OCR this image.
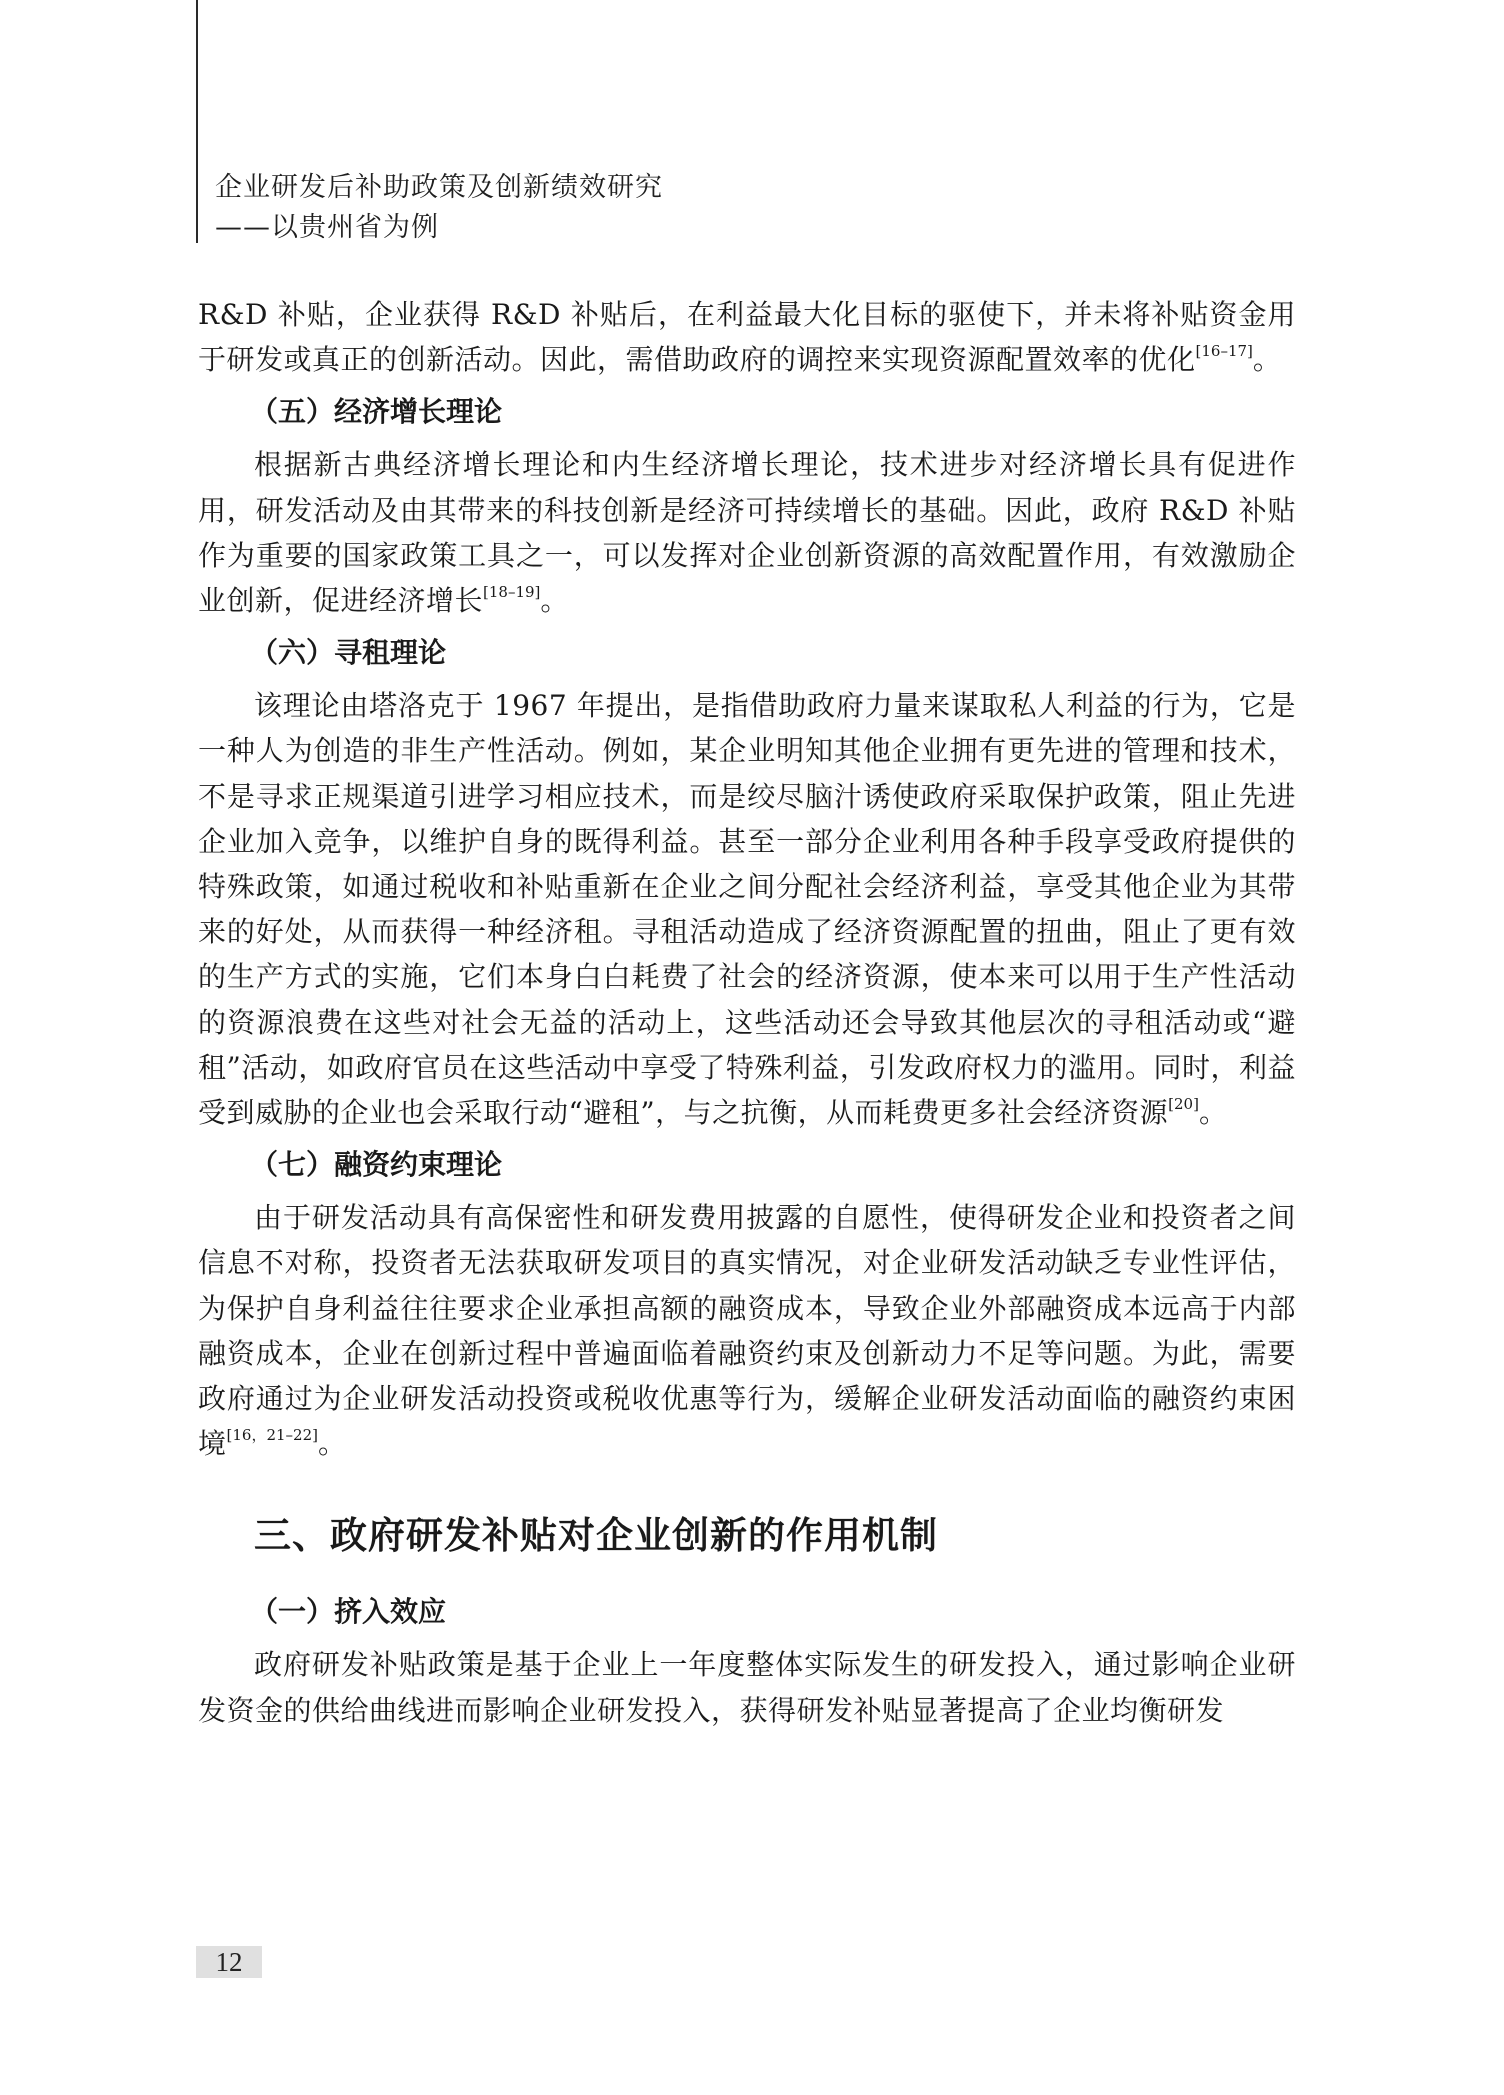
企业研发后补助政策及创新绩效研究
——以贵州省为例

R&D 补贴，企业获得 R&D 补贴后，在利益最大化目标的驱使下，并未将补贴资金用于研发或真正的创新活动。因此，需借助政府的调控来实现资源配置效率的优化[16–17]。

（五）经济增长理论

根据新古典经济增长理论和内生经济增长理论，技术进步对经济增长具有促进作用，研发活动及由其带来的科技创新是经济可持续增长的基础。因此，政府 R&D 补贴作为重要的国家政策工具之一，可以发挥对企业创新资源的高效配置作用，有效激励企业创新，促进经济增长[18–19]。

（六）寻租理论

该理论由塔洛克于 1967 年提出，是指借助政府力量来谋取私人利益的行为，它是一种人为创造的非生产性活动。例如，某企业明知其他企业拥有更先进的管理和技术，不是寻求正规渠道引进学习相应技术，而是绞尽脑汁诱使政府采取保护政策，阻止先进企业加入竞争，以维护自身的既得利益。甚至一部分企业利用各种手段享受政府提供的特殊政策，如通过税收和补贴重新在企业之间分配社会经济利益，享受其他企业为其带来的好处，从而获得一种经济租。寻租活动造成了经济资源配置的扭曲，阻止了更有效的生产方式的实施，它们本身白白耗费了社会的经济资源，使本来可以用于生产性活动的资源浪费在这些对社会无益的活动上，这些活动还会导致其他层次的寻租活动或“避租”活动，如政府官员在这些活动中享受了特殊利益，引发政府权力的滥用。同时，利益受到威胁的企业也会采取行动“避租”，与之抗衡，从而耗费更多社会经济资源[20]。

（七）融资约束理论

由于研发活动具有高保密性和研发费用披露的自愿性，使得研发企业和投资者之间信息不对称，投资者无法获取研发项目的真实情况，对企业研发活动缺乏专业性评估，为保护自身利益往往要求企业承担高额的融资成本，导致企业外部融资成本远高于内部融资成本，企业在创新过程中普遍面临着融资约束及创新动力不足等问题。为此，需要政府通过为企业研发活动投资或税收优惠等行为，缓解企业研发活动面临的融资约束困境[16，21–22]。

三、政府研发补贴对企业创新的作用机制
（一）挤入效应

政府研发补贴政策是基于企业上一年度整体实际发生的研发投入，通过影响企业研发资金的供给曲线进而影响企业研发投入，获得研发补贴显著提高了企业均衡研发

12
